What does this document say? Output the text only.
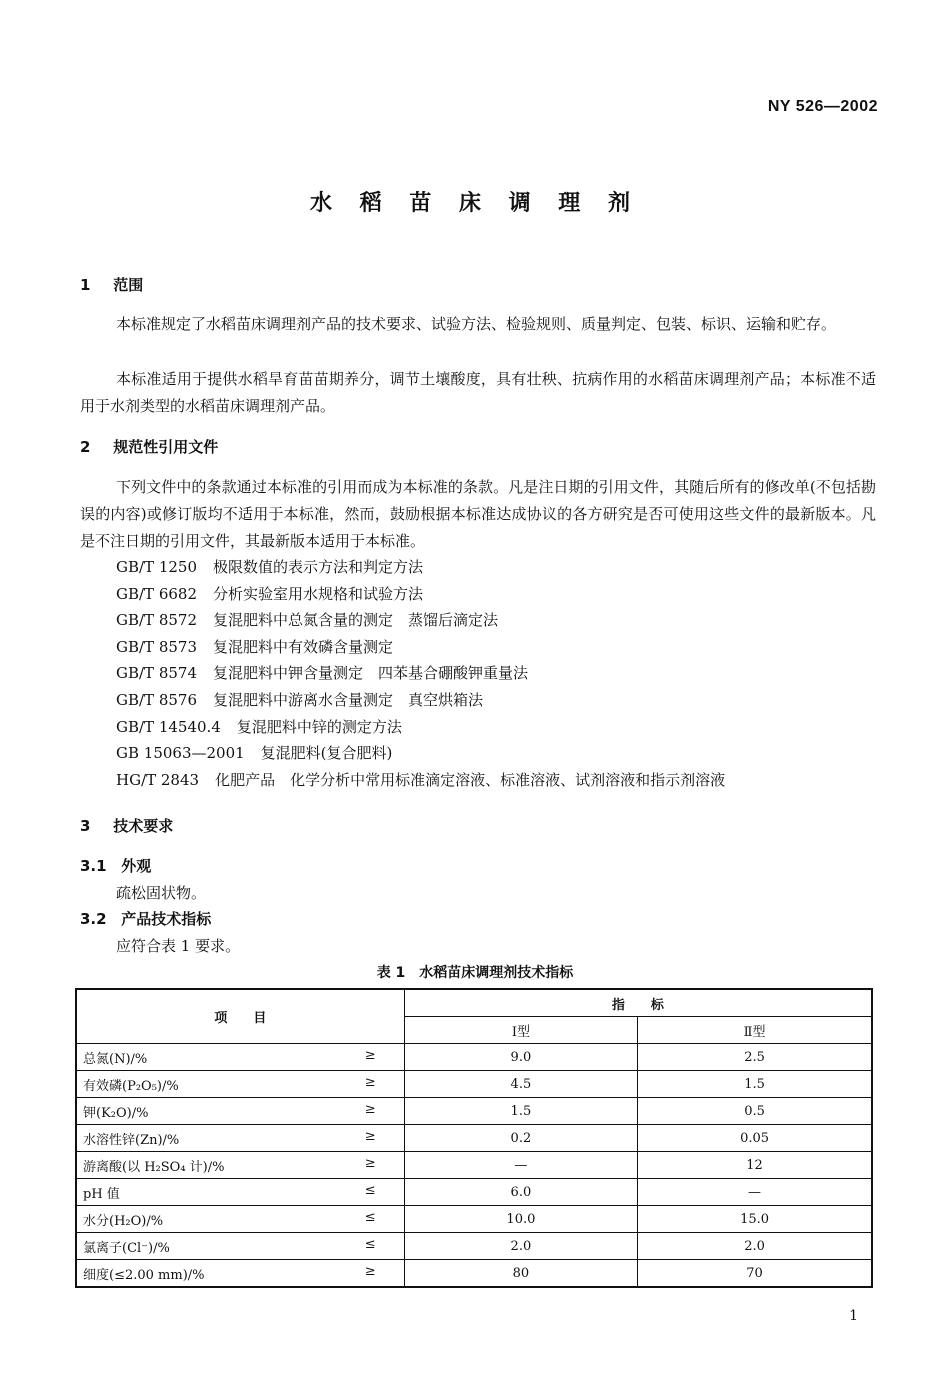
NY 526—2002
水 稻 苗 床 调 理 剂
1 范围
本标准规定了水稻苗床调理剂产品的技术要求、试验方法、检验规则、质量判定、包装、标识、运输和贮存。
本标准适用于提供水稻旱育苗苗期养分，调节土壤酸度，具有壮秧、抗病作用的水稻苗床调理剂产品；本标准不适用于水剂类型的水稻苗床调理剂产品。
2 规范性引用文件
下列文件中的条款通过本标准的引用而成为本标准的条款。凡是注日期的引用文件，其随后所有的修改单(不包括勘误的内容)或修订版均不适用于本标准，然而，鼓励根据本标准达成协议的各方研究是否可使用这些文件的最新版本。凡是不注日期的引用文件，其最新版本适用于本标准。
GB/T 1250 极限数值的表示方法和判定方法
GB/T 6682 分析实验室用水规格和试验方法
GB/T 8572 复混肥料中总氮含量的测定　蒸馏后滴定法
GB/T 8573 复混肥料中有效磷含量测定
GB/T 8574 复混肥料中钾含量测定　四苯基合硼酸钾重量法
GB/T 8576 复混肥料中游离水含量测定　真空烘箱法
GB/T 14540.4 复混肥料中锌的测定方法
GB 15063—2001 复混肥料(复合肥料)
HG/T 2843 化肥产品　化学分析中常用标准滴定溶液、标准溶液、试剂溶液和指示剂溶液
3 技术要求
3.1 外观
疏松固状物。
3.2 产品技术指标
应符合表 1 要求。
表 1　水稻苗床调理剂技术指标
项　　目	指　　标	
	Ⅰ型	Ⅱ型
总氮(N)/% ≥	9.0	2.5
有效磷(P₂O₅)/% ≥	4.5	1.5
钾(K₂O)/% ≥	1.5	0.5
水溶性锌(Zn)/% ≥	0.2	0.05
游离酸(以 H₂SO₄ 计)/% ≥	—	12
pH 值 ≤	6.0	—
水分(H₂O)/% ≤	10.0	15.0
氯离子(Cl⁻)/% ≤	2.0	2.0
细度(≤2.00 mm)/% ≥	80	70
1
